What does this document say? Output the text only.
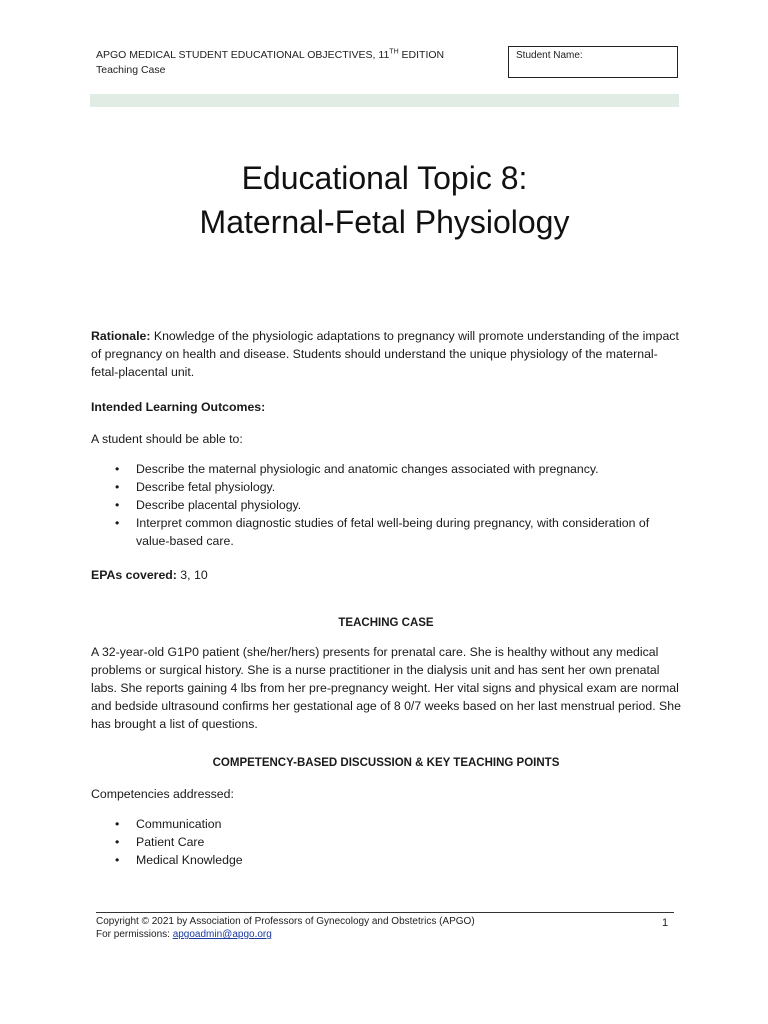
APGO MEDICAL STUDENT EDUCATIONAL OBJECTIVES, 11TH EDITION
Teaching Case
Student Name:
Educational Topic 8:
Maternal-Fetal Physiology

Rationale: Knowledge of the physiologic adaptations to pregnancy will promote understanding of the impact of pregnancy on health and disease. Students should understand the unique physiology of the maternal-fetal-placental unit.

Intended Learning Outcomes:

A student should be able to:

• Describe the maternal physiologic and anatomic changes associated with pregnancy.
• Describe fetal physiology.
• Describe placental physiology.
• Interpret common diagnostic studies of fetal well-being during pregnancy, with consideration of value-based care.

EPAs covered: 3, 10

TEACHING CASE

A 32-year-old G1P0 patient (she/her/hers) presents for prenatal care. She is healthy without any medical problems or surgical history. She is a nurse practitioner in the dialysis unit and has sent her own prenatal labs. She reports gaining 4 lbs from her pre-pregnancy weight. Her vital signs and physical exam are normal and bedside ultrasound confirms her gestational age of 8 0/7 weeks based on her last menstrual period. She has brought a list of questions.

COMPETENCY-BASED DISCUSSION & KEY TEACHING POINTS

Competencies addressed:

• Communication
• Patient Care
• Medical Knowledge
Copyright © 2021 by Association of Professors of Gynecology and Obstetrics (APGO)
For permissions: apgoadmin@apgo.org
1
